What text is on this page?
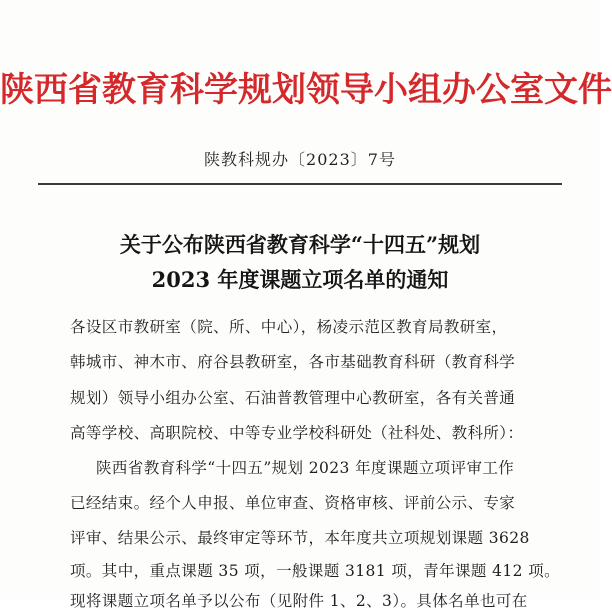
陕西省教育科学规划领导小组办公室文件
陕教科规办〔2023〕7号
关于公布陕西省教育科学“十四五”规划
2023 年度课题立项名单的通知
各设区市教研室（院、所、中心），杨凌示范区教育局教研室，
韩城市、神木市、府谷县教研室，各市基础教育科研（教育科学
规划）领导小组办公室、石油普教管理中心教研室，各有关普通
高等学校、高职院校、中等专业学校科研处（社科处、教科所）：
陕西省教育科学“十四五”规划 2023 年度课题立项评审工作
已经结束。经个人申报、单位审查、资格审核、评前公示、专家
评审、结果公示、最终审定等环节，本年度共立项规划课题 3628
项。其中，重点课题 35 项，一般课题 3181 项，青年课题 412 项。
现将课题立项名单予以公布（见附件 1、2、3）。具体名单也可在
